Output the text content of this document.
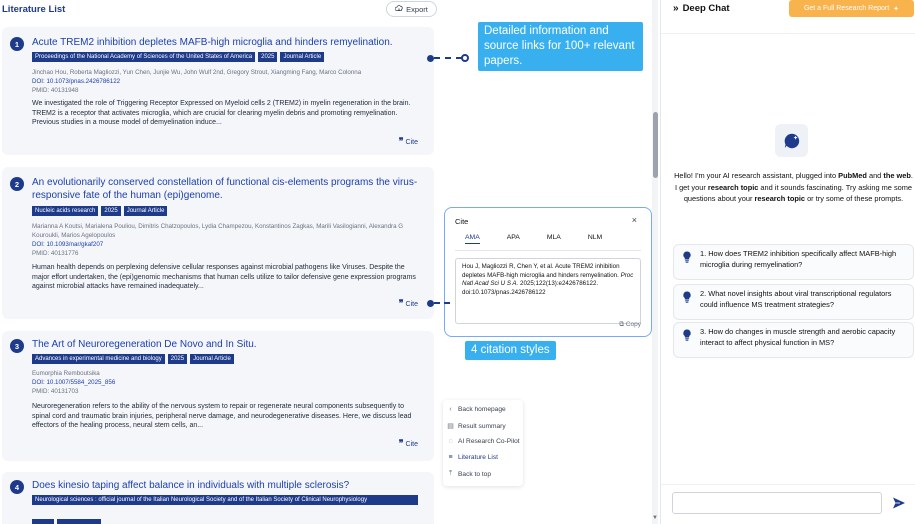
Literature List	Export
1	Acute TREM2 inhibition depletes MAFB-high microglia and hinders remyelination.
Proceedings of the National Academy of Sciences of the United States of America	2025	Journal Article
Jinchao Hou, Roberta Magliozzi, Yun Chen, Junjie Wu, John Wulf 2nd, Gregory Strout, Xiangming Fang, Marco Colonna
DOI: 10.1073/pnas.2426786122
PMID: 40131948
We investigated the role of Triggering Receptor Expressed on Myeloid cells 2 (TREM2) in myelin regeneration in the brain. TREM2 is a receptor that activates microglia, which are crucial for clearing myelin debris and promoting remyelination. Previous studies in a mouse model of demyelination induce...
❞ Cite
2	An evolutionarily conserved constellation of functional cis-elements programs the virus-responsive fate of the human (epi)genome.
Nucleic acids research	2025	Journal Article
Marianna A Koutsi, Marialena Pouliou, Dimitris Chatzopoulos, Lydia Champezou, Konstantinos Zagkas, Marili Vasilogianni, Alexandra G Kouroukli, Marios Agelopoulos
DOI: 10.1093/nar/gkaf207
PMID: 40131776
Human health depends on perplexing defensive cellular responses against microbial pathogens like Viruses. Despite the major effort undertaken, the (epi)genomic mechanisms that human cells utilize to tailor defensive gene expression programs against microbial attacks have remained inadequately...
❞ Cite
3	The Art of Neuroregeneration De Novo and In Situ.
Advances in experimental medicine and biology	2025	Journal Article
Eumorphia Remboutsika
DOI: 10.1007/5584_2025_856
PMID: 40131703
Neuroregeneration refers to the ability of the nervous system to repair or regenerate neural components subsequently to spinal cord and traumatic brain injuries, peripheral nerve damage, and neurodegenerative diseases. Here, we discuss lead effectors of the healing process, neural stem cells, an...
❞ Cite
4	Does kinesio taping affect balance in individuals with multiple sclerosis?
Neurological sciences : official journal of the Italian Neurological Society and of the Italian Society of Clinical Neurophysiology
Detailed information and source links for 100+ relevant papers.
Cite	×
AMA	APA	MLA	NLM
Hou J, Magliozzi R, Chen Y, et al. Acute TREM2 inhibition depletes MAFB-high microglia and hinders remyelination. Proc Natl Acad Sci U S A. 2025;122(13):e2426786122. doi:10.1073/pnas.2426786122
⧉ Copy
4 citation styles
‹ Back homepage
▤ Result summary
◌ AI Research Co-Pilot
≡ Literature List
⤒ Back to top
▼
» Deep Chat	Get a Full Research Report ✦
Hello! I'm your AI research assistant, plugged into PubMed and the web. I get your research topic and it sounds fascinating. Try asking me some questions about your research topic or try some of these prompts.
1. How does TREM2 inhibition specifically affect MAFB-high microglia during remyelination?
2. What novel insights about viral transcriptional regulators could influence MS treatment strategies?
3. How do changes in muscle strength and aerobic capacity interact to affect physical function in MS?
